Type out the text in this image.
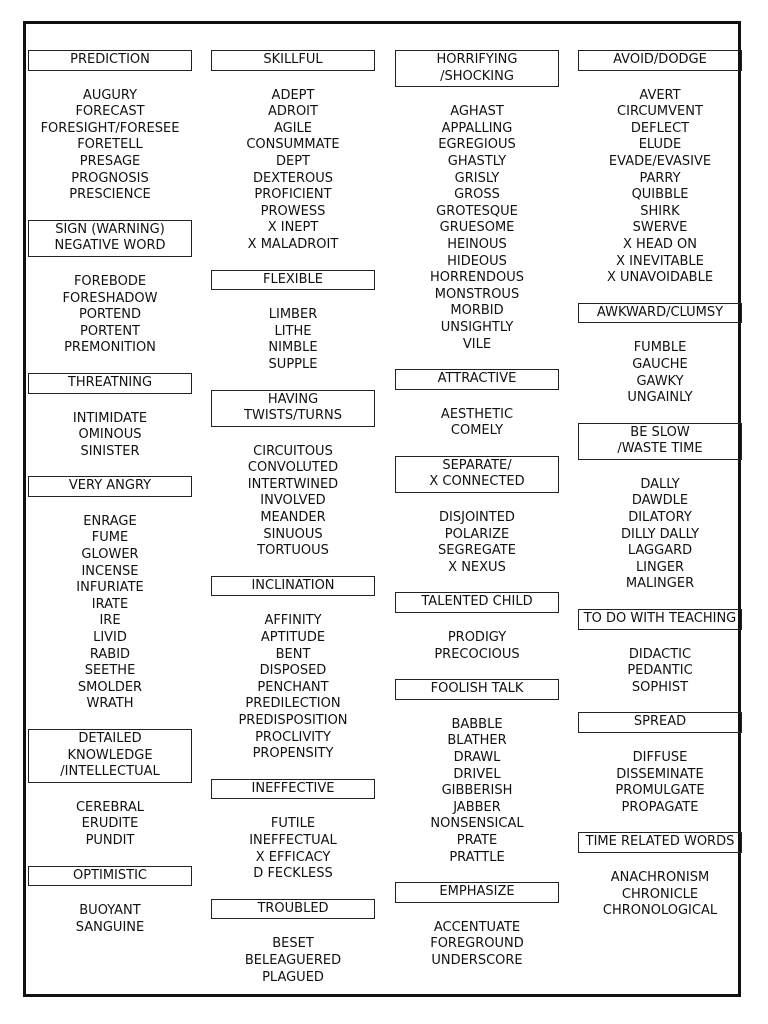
PREDICTION
AUGURY
FORECAST
FORESIGHT/FORESEE
FORETELL
PRESAGE
PROGNOSIS
PRESCIENCE
SIGN (WARNING)
NEGATIVE WORD
FOREBODE
FORESHADOW
PORTEND
PORTENT
PREMONITION
THREATNING
INTIMIDATE
OMINOUS
SINISTER
VERY ANGRY
ENRAGE
FUME
GLOWER
INCENSE
INFURIATE
IRATE
IRE
LIVID
RABID
SEETHE
SMOLDER
WRATH
DETAILED
KNOWLEDGE
/INTELLECTUAL
CEREBRAL
ERUDITE
PUNDIT
OPTIMISTIC
BUOYANT
SANGUINE
SKILLFUL
ADEPT
ADROIT
AGILE
CONSUMMATE
DEPT
DEXTEROUS
PROFICIENT
PROWESS
X INEPT
X MALADROIT
FLEXIBLE
LIMBER
LITHE
NIMBLE
SUPPLE
HAVING
TWISTS/TURNS
CIRCUITOUS
CONVOLUTED
INTERTWINED
INVOLVED
MEANDER
SINUOUS
TORTUOUS
INCLINATION
AFFINITY
APTITUDE
BENT
DISPOSED
PENCHANT
PREDILECTION
PREDISPOSITION
PROCLIVITY
PROPENSITY
INEFFECTIVE
FUTILE
INEFFECTUAL
X EFFICACY
D FECKLESS
TROUBLED
BESET
BELEAGUERED
PLAGUED
HORRIFYING
/SHOCKING
AGHAST
APPALLING
EGREGIOUS
GHASTLY
GRISLY
GROSS
GROTESQUE
GRUESOME
HEINOUS
HIDEOUS
HORRENDOUS
MONSTROUS
MORBID
UNSIGHTLY
VILE
ATTRACTIVE
AESTHETIC
COMELY
SEPARATE/
X CONNECTED
DISJOINTED
POLARIZE
SEGREGATE
X NEXUS
TALENTED CHILD
PRODIGY
PRECOCIOUS
FOOLISH TALK
BABBLE
BLATHER
DRAWL
DRIVEL
GIBBERISH
JABBER
NONSENSICAL
PRATE
PRATTLE
EMPHASIZE
ACCENTUATE
FOREGROUND
UNDERSCORE
AVOID/DODGE
AVERT
CIRCUMVENT
DEFLECT
ELUDE
EVADE/EVASIVE
PARRY
QUIBBLE
SHIRK
SWERVE
X HEAD ON
X INEVITABLE
X UNAVOIDABLE
AWKWARD/CLUMSY
FUMBLE
GAUCHE
GAWKY
UNGAINLY
BE SLOW
/WASTE TIME
DALLY
DAWDLE
DILATORY
DILLY DALLY
LAGGARD
LINGER
MALINGER
TO DO WITH TEACHING
DIDACTIC
PEDANTIC
SOPHIST
SPREAD
DIFFUSE
DISSEMINATE
PROMULGATE
PROPAGATE
TIME RELATED WORDS
ANACHRONISM
CHRONICLE
CHRONOLOGICAL
